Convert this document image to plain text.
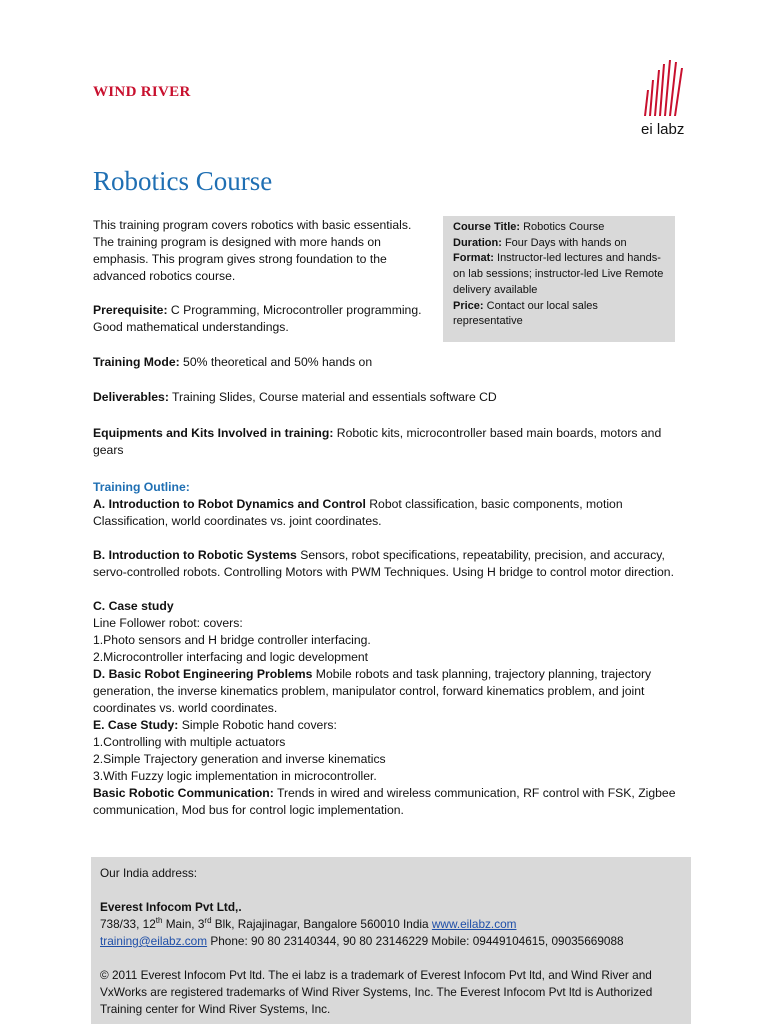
WIND RIVER
ei labz
Robotics Course

This training program covers robotics with basic essentials. The training program is designed with more hands on emphasis. This program gives strong foundation to the advanced robotics course.

Course Title: Robotics Course
Duration: Four Days with hands on
Format: Instructor-led lectures and hands-on lab sessions; instructor-led Live Remote delivery available
Price: Contact our local sales representative

Prerequisite: C Programming, Microcontroller programming. Good mathematical understandings.

Training Mode: 50% theoretical and 50% hands on

Deliverables: Training Slides, Course material and essentials software CD

Equipments and Kits Involved in training: Robotic kits, microcontroller based main boards, motors and gears

Training Outline:

A. Introduction to Robot Dynamics and Control Robot classification, basic components, motion Classification, world coordinates vs. joint coordinates.

B. Introduction to Robotic Systems Sensors, robot specifications, repeatability, precision, and accuracy, servo-controlled robots. Controlling Motors with PWM Techniques. Using H bridge to control motor direction.

C. Case study

Line Follower robot: covers:

1.Photo sensors and H bridge controller interfacing.

2.Microcontroller interfacing and logic development

D. Basic Robot Engineering Problems Mobile robots and task planning, trajectory planning, trajectory generation, the inverse kinematics problem, manipulator control, forward kinematics problem, and joint coordinates vs. world coordinates.

E. Case Study: Simple Robotic hand covers:

1.Controlling with multiple actuators

2.Simple Trajectory generation and inverse kinematics

3.With Fuzzy logic implementation in microcontroller.

Basic Robotic Communication: Trends in wired and wireless communication, RF control with FSK, Zigbee communication, Mod bus for control logic implementation.

Our India address:

Everest Infocom Pvt Ltd,.

738/33, 12th Main, 3rd Blk, Rajajinagar, Bangalore 560010 India www.eilabz.com

training@eilabz.com Phone: 90 80 23140344, 90 80 23146229 Mobile: 09449104615, 09035669088

© 2011 Everest Infocom Pvt ltd. The ei labz is a trademark of Everest Infocom Pvt ltd, and Wind River and VxWorks are registered trademarks of Wind River Systems, Inc. The Everest Infocom Pvt ltd is Authorized Training center for Wind River Systems, Inc.
